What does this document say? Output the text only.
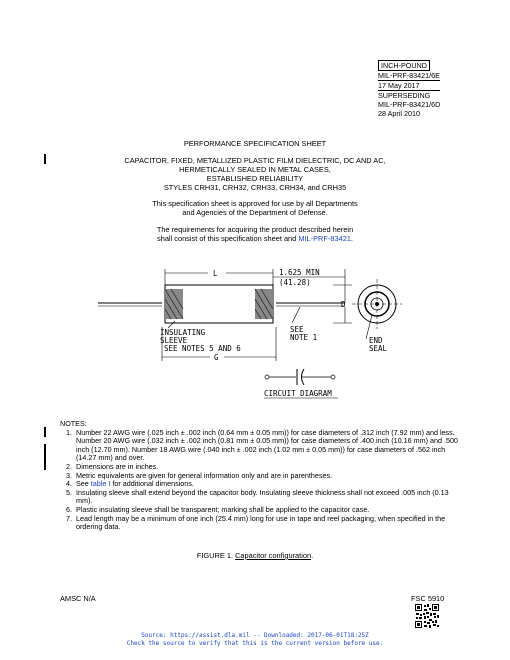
INCH-POUND
MIL-PRF-83421/6E
17 May 2017
SUPERSEDING
MIL-PRF-83421/6D
28 April 2010
PERFORMANCE SPECIFICATION SHEET
CAPACITOR, FIXED, METALLIZED PLASTIC FILM DIELECTRIC, DC AND AC,
HERMETICALLY SEALED IN METAL CASES,
ESTABLISHED RELIABILITY
STYLES CRH31, CRH32, CRH33, CRH34, and CRH35
This specification sheet is approved for use by all Departments
and Agencies of the Department of Defense.
The requirements for acquiring the product described herein
shall consist of this specification sheet and MIL-PRF-83421.
L	1.625 MIN
(41.28)
D
END
SEAL
INSULATING
SLEEVE
SEE NOTES 5 AND 6
SEE
NOTE 1
G
CIRCUIT DIAGRAM
NOTES:
1. Number 22 AWG wire (.025 inch ± .002 inch (0.64 mm ± 0.05 mm)) for case diameters of .312 inch (7.92 mm) and less.
Number 20 AWG wire (.032 inch ± .002 inch (0.81 mm ± 0.05 mm)) for case diameters of .400 inch (10.16 mm) and .500 inch (12.70 mm). Number 18 AWG wire (.040 inch ± .002 inch (1.02 mm ± 0.05 mm)) for case diameters of .562 inch (14.27 mm) and over.
2. Dimensions are in inches.
3. Metric equivalents are given for general information only and are in parentheses.
4. See table I for additional dimensions.
5. Insulating sleeve shall extend beyond the capacitor body. Insulating sleeve thickness shall not exceed .005 inch (0.13 mm).
6. Plastic insulating sleeve shall be transparent; marking shall be applied to the capacitor case.
7. Lead length may be a minimum of one inch (25.4 mm) long for use in tape and reel packaging, when specified in the ordering data.
FIGURE 1. Capacitor configuration.
AMSC N/A	FSC 5910
Source: https://assist.dla.mil -- Downloaded: 2017-06-01T18:25Z
Check the source to verify that this is the current version before use.
